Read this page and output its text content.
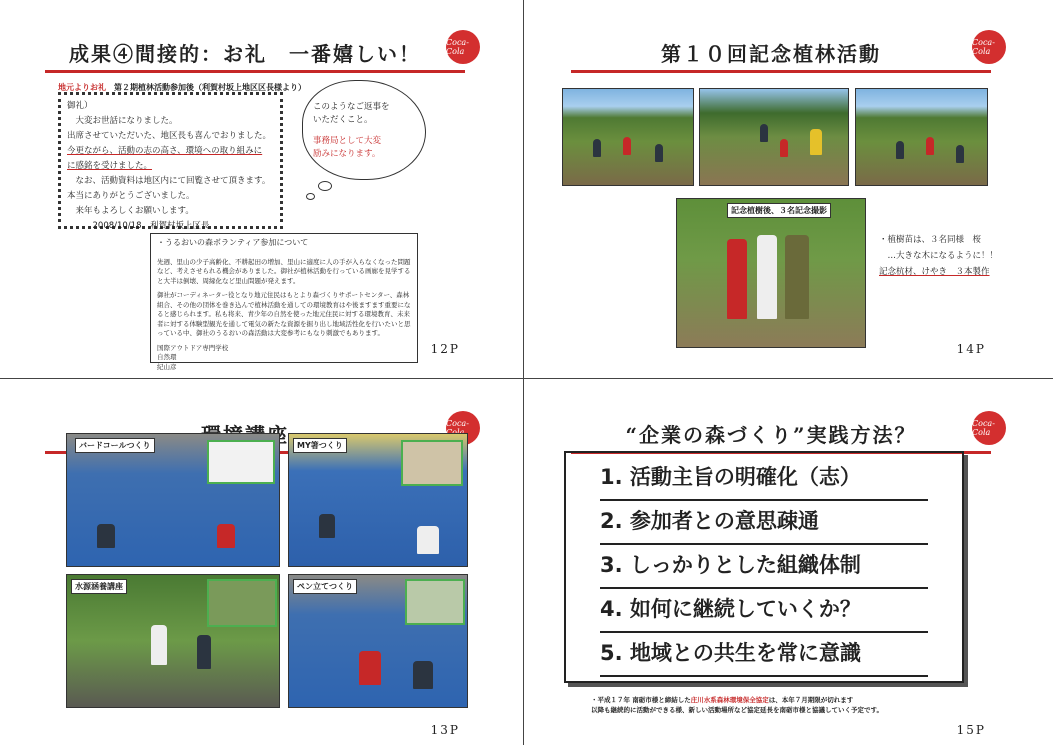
成果④間接的：お礼　一番嬉しい！	Coca-Cola
地元よりお礼　第２期植林活動参加後（利賀村坂上地区区長様より）
御礼）
　大変お世話になりました。
出席させていただいた、地区長も喜んでおりました。
今更ながら、活動の志の高さ、環境への取り組みに
に感銘を受けました。
　なお、活動資料は地区内にて回覧させて頂きます。
本当にありがとうございました。
　来年もよろしくお願いします。
　　　2008/10/18　利賀村坂上区長
このようなご返事を
いただくこと。
事務局として大変
励みになります。
・うるおいの森ボランティア参加について

先週、里山の少子高齢化、不耕起田の増加、里山に適度に人の手が入らなくなった問題など、考えさせられる機会がありました。御社が植林活動を行っている画廊を見学すると大半は倒壊、周縁化など里山問題が発えます。

御社がコーディネーター役となり地元住民はもとより森づくりサポートセンター、森林組合、その他の団体を巻き込んで植林活動を通しての環境教育はや後ますます重要になると感じられます。私も将来、青少年の自然を使った地元住民に対する環境教育、未来者に対する体験型観光を通して電気の新たな資源を掘り出し地域活性化を行いたいと思っている中、御社のうるおいの森活動は大変参考にもなり刺激でもあります。

国際アウトドア専門学校
自然環
紀山彦

12P
第１０回記念植林活動	Coca-Cola
記念植樹後、３名記念撮影
・植樹苗は、３名同様　桜
　…大きな木になるように！！
記念杭材、けやき　３本製作
14P
Coca-
バードコールつくり	MY箸つくり
水源涵養講座	ペン立てつくり
13P
“企業の森づくり”実践方法？	Coca-Cola
1. 活動主旨の明確化（志）
2. 参加者との意思疎通
3. しっかりとした組織体制
4. 如何に継続していくか？
5. 地域との共生を常に意識
・平成１７年 南砺市様と締結した庄川水系森林環境保全協定は、本年７月期限が切れます
以降も継続的に活動ができる様、新しい活動場所など協定延長を南砺市様と協議していく予定です。
15P
